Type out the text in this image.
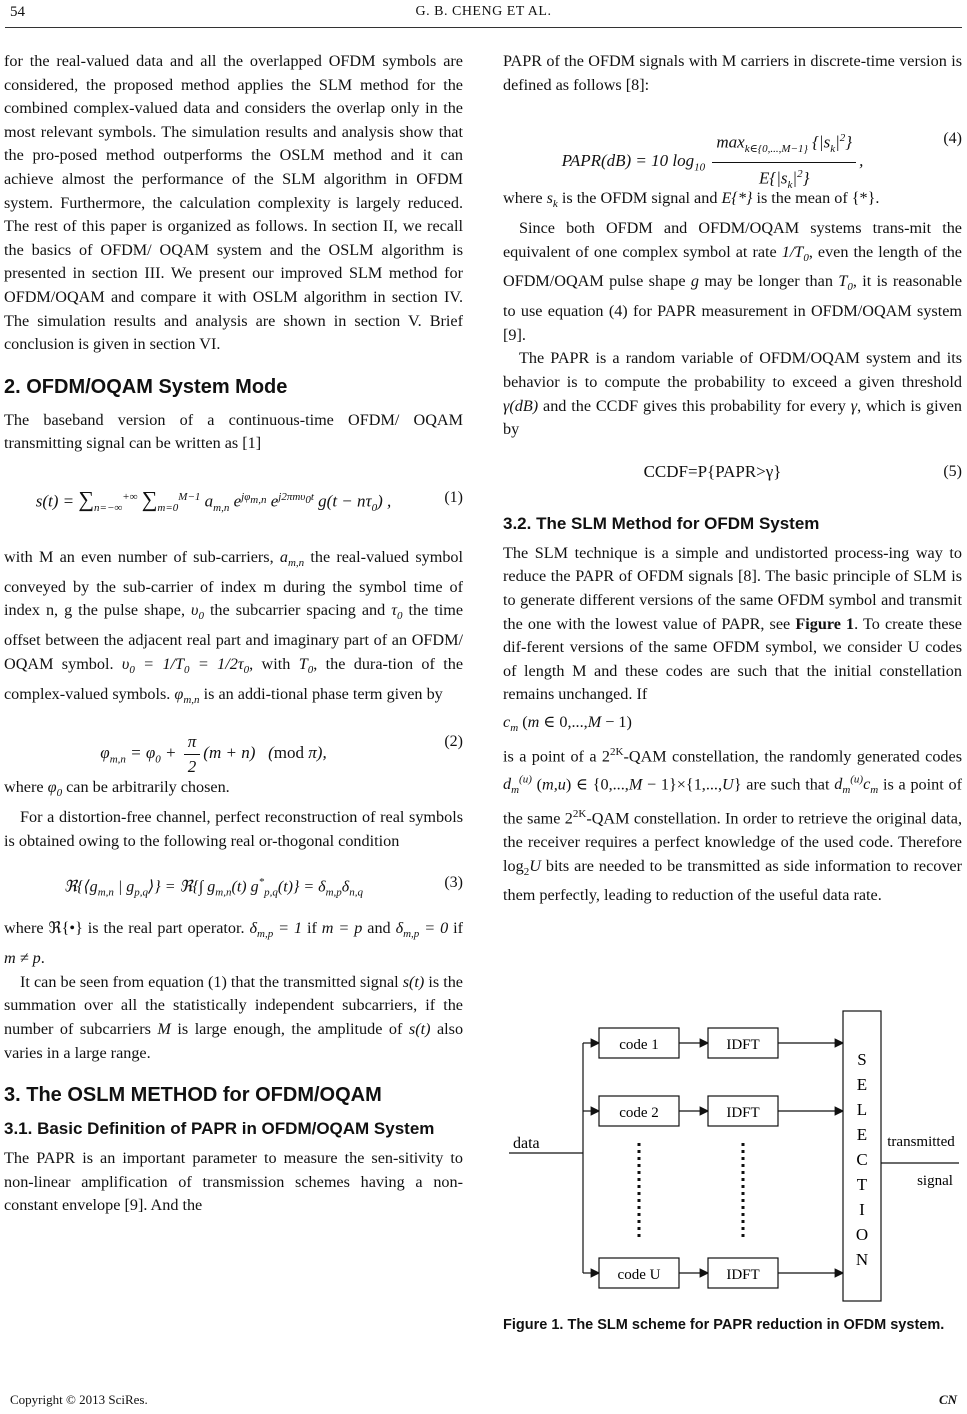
54	G. B. CHENG ET AL.

for the real-valued data and all the overlapped OFDM symbols are considered, the proposed method applies the SLM method for the combined complex-valued data and considers the overlap only in the most relevant symbols. The simulation results and analysis show that the pro-posed method outperforms the OSLM method and it can achieve almost the performance of the SLM algorithm in OFDM system. Furthermore, the calculation complexity is largely reduced. The rest of this paper is organized as follows. In section II, we recall the basics of OFDM/ OQAM system and the OSLM algorithm is presented in section III. We present our improved SLM method for OFDM/OQAM and compare it with OSLM algorithm in section IV. The simulation results and analysis are shown in section V. Brief conclusion is given in section VI.

2. OFDM/OQAM System Mode

The baseband version of a continuous-time OFDM/ OQAM transmitting signal can be written as [1]

$s(t) = \sum_{n=-\infty}^{+\infty}$ $\sum_{m=0}^{M-1}$ $a_{m,n}$ $e^{j\varphi_{m,n}}$ $e^{j2\pi m\upsilon_0t}$ $g(t - n\tau_0)$ ,	(1)

with M an even number of sub-carriers, $a_{m,n}$ the real-valued symbol conveyed by the sub-carrier of index m during the symbol time of index n, g the pulse shape, $\upsilon_0$ the subcarrier spacing and $\tau_0$ the time offset between the adjacent real part and imaginary part of an OFDM/ OQAM symbol. $\upsilon_0 = 1/T_0 = 1/2\tau_0$, with $T_0$, the dura-tion of the complex-valued symbols. $\varphi_{m,n}$ is an addi-tional phase term given by

$\varphi_{m,n} = \varphi_0 + \frac{\pi}{2} (m + n)$   (mod π),
(2)

where $\varphi_0$ can be arbitrarily chosen.

For a distortion-free channel, perfect reconstruction of real symbols is obtained owing to the following real or-thogonal condition

$ℜ\{⟨g_{m,n}$ | $g_{p,q}⟩$} = ℜ{∫ $g_{m,n}(t) g^*_{p,q}(t)\} = \delta_{m,p}\delta_{n,q}$
(3)

where ℜ{•} is the real part operator. $\delta_{m,p} = 1$ if m = p and $\delta_{m,p} = 0$ if m ≠ p.

It can be seen from equation (1) that the transmitted signal s(t) is the summation over all the statistically independent subcarriers, if the number of subcarriers M is large enough, the amplitude of s(t) also varies in a large range.

3. The OSLM METHOD for OFDM/OQAM
3.1. Basic Definition of PAPR in OFDM/OQAM System

The PAPR is an important parameter to measure the sen-sitivity to non-linear amplification of transmission schemes having a non-constant envelope [9]. And the

PAPR of the OFDM signals with M carriers in discrete-time version is defined as follows [8]:

PAPR(dB) = 10 $\log_{10} \frac{\max_{k\in\{0,...,M-1\}} \{|s_k|^2\}}{E\{|s_k|^2\}}$ ,
(4)

where $s_k$ is the OFDM signal and E{*} is the mean of {*}.

Since both OFDM and OFDM/OQAM systems trans-mit the equivalent of one complex symbol at rate $1/T_0$, even the length of the OFDM/OQAM pulse shape g may be longer than $T_0$, it is reasonable to use equation (4) for PAPR measurement in OFDM/OQAM system [9].

The PAPR is a random variable of OFDM/OQAM system and its behavior is to compute the probability to exceed a given threshold γ(dB) and the CCDF gives this probability for every γ, which is given by

CCDF=P{PAPR>γ}	(5)
3.2. The SLM Method for OFDM System

The SLM technique is a simple and undistorted process-ing way to reduce the PAPR of OFDM signals [8]. The basic principle of SLM is to generate different versions of the same OFDM symbol and transmit the one with the lowest value of PAPR, see Figure 1. To create these dif-ferent versions of the same OFDM symbol, we consider U codes of length M and these codes are such that the initial constellation remains unchanged. If

$c_m$ (m ∈ 0,...,M − 1)

is a point of a $2^{2K}$-QAM constellation, the randomly generated codes $d_m^{(u)}$ (m,u) ∈ {0,...,M − 1}×{1,...,U} are such that $d_m^{(u)}c_m$ is a point of the same $2^{2K}$-QAM constellation. In order to retrieve the original data, the receiver requires a perfect knowledge of the used code. Therefore $\log_2U$ bits are needed to be transmitted as side information to recover them perfectly, leading to reduction of the useful data rate.

data
code 1
code 2
code U
IDFT
IDFT
IDFT
S
E
L
E
C
T
I
O
N
transmitted
signal
Figure 1. The SLM scheme for PAPR reduction in OFDM system.
Copyright © 2013 SciRes.	CN
